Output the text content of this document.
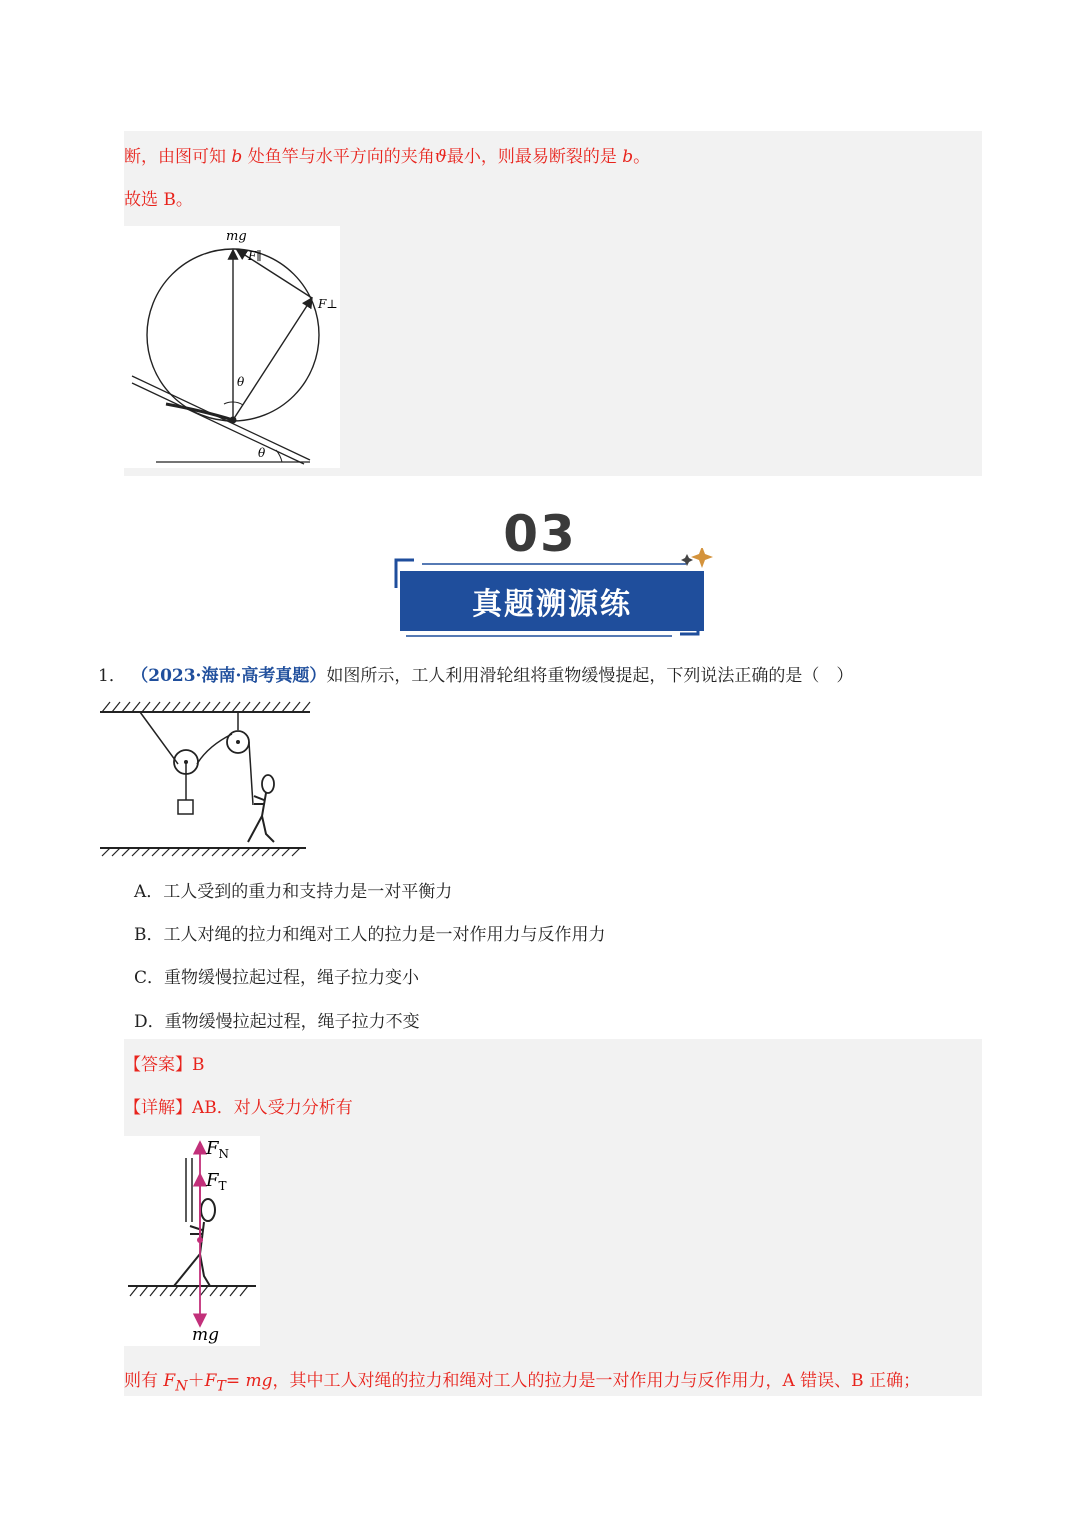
断，由图可知 b 处鱼竿与水平方向的夹角ϑ最小，则最易断裂的是 b。
故选 B。
mg
F∥
F⊥
θ
θ
03
真题溯源练
1． （2023·海南·高考真题）如图所示，工人利用滑轮组将重物缓慢提起，下列说法正确的是（　）
A．工人受到的重力和支持力是一对平衡力
B．工人对绳的拉力和绳对工人的拉力是一对作用力与反作用力
C．重物缓慢拉起过程，绳子拉力变小
D．重物缓慢拉起过程，绳子拉力不变
【答案】B
【详解】AB．对人受力分析有
$F_N$
$F_T$
mg
则有 $F_N+F_T=$ mg，其中工人对绳的拉力和绳对工人的拉力是一对作用力与反作用力，A 错误、B 正确；
